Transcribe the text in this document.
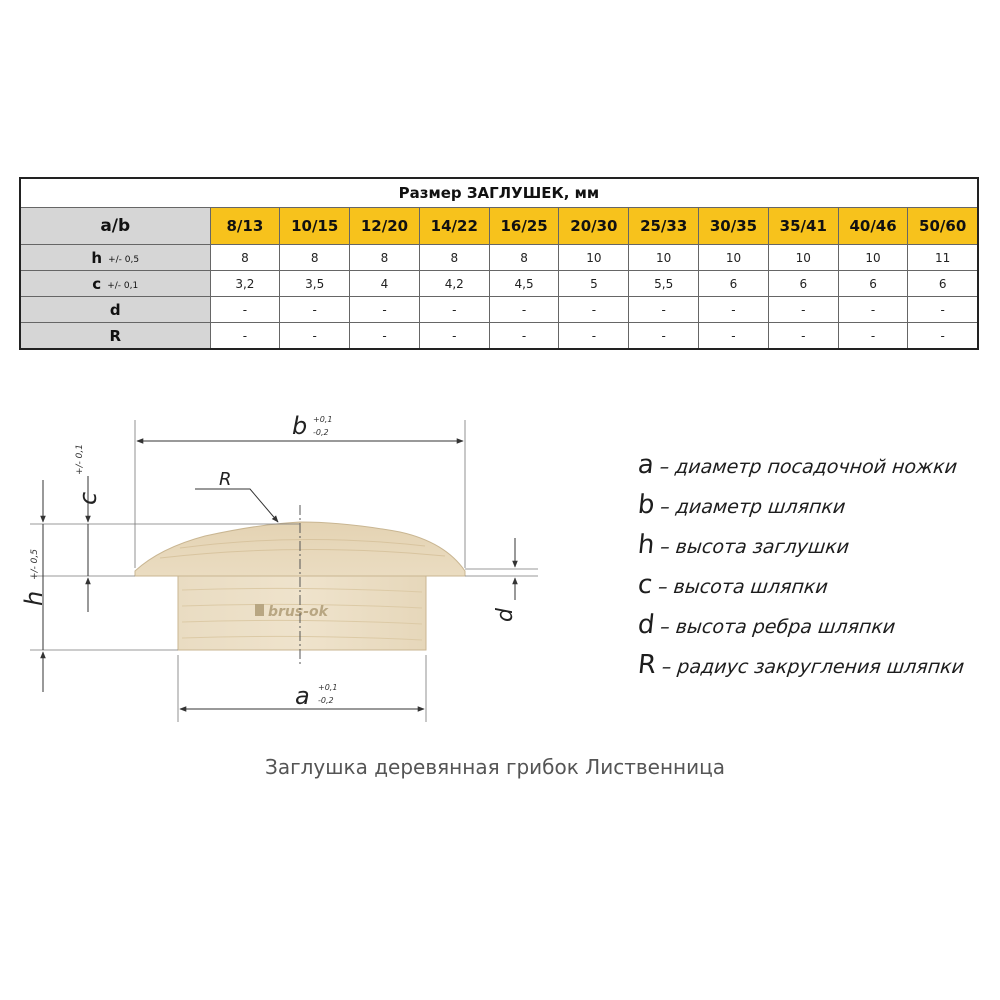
Размер ЗАГЛУШЕК, мм											
a/b	8/13	10/15	12/20	14/22	16/25	20/30	25/33	30/35	35/41	40/46	50/60
h +/- 0,5	8	8	8	8	8	10	10	10	10	10	11
c +/- 0,1	3,2	3,5	4	4,2	4,5	5	5,5	6	6	6	6
d	-	-	-	-	-	-	-	-	-	-	-
R	-	-	-	-	-	-	-	-	-	-	-
brus-ok
b +0,1
-0,2
a +0,1
-0,2
R
c
+/- 0,1
h
+/- 0,5
d
a – диаметр посадочной ножки
b – диаметр шляпки
h – высота заглушки
c – высота шляпки
d – высота ребра шляпки
R – радиус закругления шляпки
Заглушка деревянная грибок Лиственница
